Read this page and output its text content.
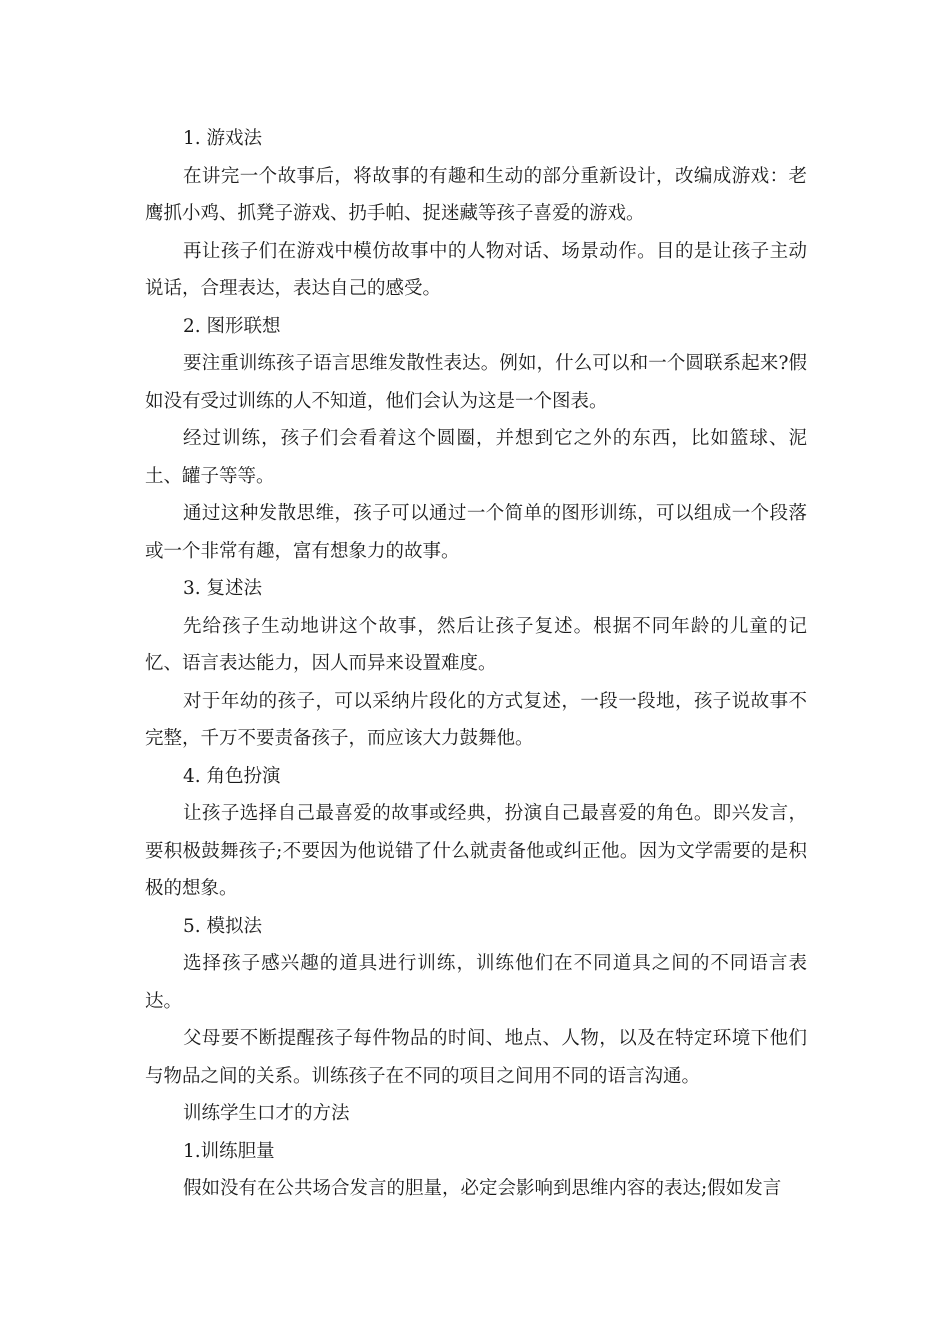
1. 游戏法

在讲完一个故事后，将故事的有趣和生动的部分重新设计，改编成游戏：老鹰抓小鸡、抓凳子游戏、扔手帕、捉迷藏等孩子喜爱的游戏。

再让孩子们在游戏中模仿故事中的人物对话、场景动作。目的是让孩子主动说话，合理表达，表达自己的感受。

2. 图形联想

要注重训练孩子语言思维发散性表达。例如，什么可以和一个圆联系起来?假如没有受过训练的人不知道，他们会认为这是一个图表。

经过训练，孩子们会看着这个圆圈，并想到它之外的东西，比如篮球、泥土、罐子等等。

通过这种发散思维，孩子可以通过一个简单的图形训练，可以组成一个段落或一个非常有趣，富有想象力的故事。

3. 复述法

先给孩子生动地讲这个故事，然后让孩子复述。根据不同年龄的儿童的记忆、语言表达能力，因人而异来设置难度。

对于年幼的孩子，可以采纳片段化的方式复述，一段一段地，孩子说故事不完整，千万不要责备孩子，而应该大力鼓舞他。

4. 角色扮演

让孩子选择自己最喜爱的故事或经典，扮演自己最喜爱的角色。即兴发言，要积极鼓舞孩子;不要因为他说错了什么就责备他或纠正他。因为文学需要的是积极的想象。

5. 模拟法

选择孩子感兴趣的道具进行训练，训练他们在不同道具之间的不同语言表达。

父母要不断提醒孩子每件物品的时间、地点、人物，以及在特定环境下他们与物品之间的关系。训练孩子在不同的项目之间用不同的语言沟通。

训练学生口才的方法

1.训练胆量

假如没有在公共场合发言的胆量，必定会影响到思维内容的表达;假如发言
